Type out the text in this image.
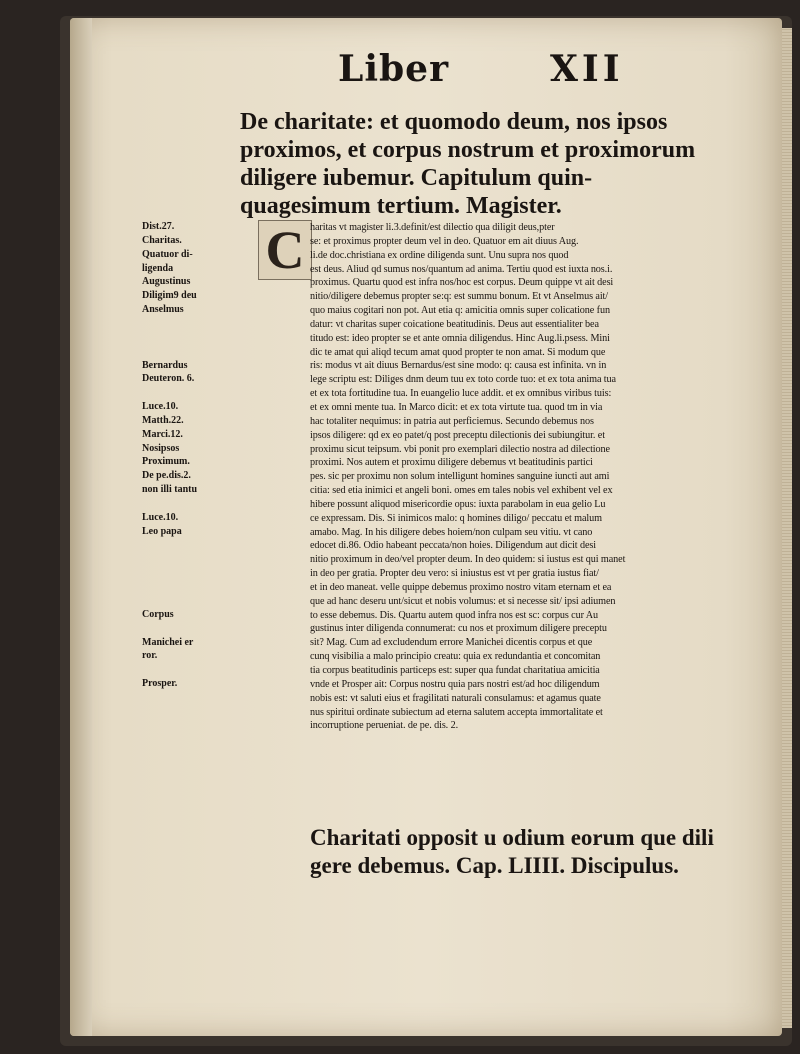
Liber	XII
De charitate: et quomodo deum, nos ipsos
proximos, et corpus nostrum et proximorum
diligere iubemur. Capitulum quin-
quagesimum tertium. Magister.
C haritas vt magister li.3.definit/est dilectio qua diligit deus,pter
se: et proximus propter deum vel in deo. Quatuor em ait diuus Aug.
li.de doc.christiana ex ordine diligenda sunt. Unu supra nos quod
est deus. Aliud qd sumus nos/quantum ad anima. Tertiu quod est iuxta nos.i.
proximus. Quartu quod est infra nos/hoc est corpus. Deum quippe vt ait desi
nitio/diligere debemus propter se:q: est summu bonum. Et vt Anselmus ait/
quo maius cogitari non pot. Aut etia q: amicitia omnis super colicatione fun
datur: vt charitas super coicatione beatitudinis. Deus aut essentialiter bea
titudo est: ideo propter se et ante omnia diligendus. Hinc Aug.li.psess. Mini
dic te amat qui aliqd tecum amat quod propter te non amat. Si modum que
ris: modus vt ait diuus Bernardus/est sine modo: q: causa est infinita. vn in
lege scriptu est: Diliges dnm deum tuu ex toto corde tuo: et ex tota anima tua
et ex tota fortitudine tua. In euangelio luce addit. et ex omnibus viribus tuis:
et ex omni mente tua. In Marco dicit: et ex tota virtute tua. quod tm in via
hac totaliter nequimus: in patria aut perficiemus. Secundo debemus nos
ipsos diligere: qd ex eo patet/q post preceptu dilectionis dei subiungitur. et
proximu sicut teipsum. vbi ponit pro exemplari dilectio nostra ad dilectione
proximi. Nos autem et proximu diligere debemus vt beatitudinis partici
pes. sic per proximu non solum intelligunt homines sanguine iuncti aut ami
citia: sed etia inimici et angeli boni. omes em tales nobis vel exhibent vel ex
hibere possunt aliquod misericordie opus: iuxta parabolam in eua gelio Lu
ce expressam. Dis. Si inimicos malo: q homines diligo/ peccatu et malum
amabo. Mag. In his diligere debes hoiem/non culpam seu vitiu. vt cano
edocet di.86. Odio habeant peccata/non hoies. Diligendum aut dicit desi
nitio proximum in deo/vel propter deum. In deo quidem: si iustus est qui manet
in deo per gratia. Propter deu vero: si iniustus est vt per gratia iustus fiat/
et in deo maneat. velle quippe debemus proximo nostro vitam eternam et ea
que ad hanc deseru unt/sicut et nobis volumus: et si necesse sit/ ipsi adiumen
to esse debemus. Dis. Quartu autem quod infra nos est sc: corpus cur Au
gustinus inter diligenda connumerat: cu nos et proximum diligere preceptu
sit? Mag. Cum ad excludendum errore Manichei dicentis corpus et que
cunq visibilia a malo principio creatu: quia ex redundantia et concomitan
tia corpus beatitudinis particeps est: super qua fundat charitatiua amicitia
vnde et Prosper ait: Corpus nostru quia pars nostri est/ad hoc diligendum
nobis est: vt saluti eius et fragilitati naturali consulamus: et agamus quate
nus spiritui ordinate subiectum ad eterna salutem accepta immortalitate et
incorruptione perueniat. de pe. dis. 2.
Dist.27.
Charitas.
Quatuor di-
ligenda
Augustinus
Diligim9 deu
Anselmus
Bernardus
Deuteron. 6.
Luce.10.
Matth.22.
Marci.12.
Nosipsos
Proximum.
De pe.dis.2.
non illi tantu
Luce.10.
Leo papa
Corpus
Manichei er
ror.
Prosper.
Charitati opposit u odium eorum que dili
gere debemus. Cap. LIIII. Discipulus.
